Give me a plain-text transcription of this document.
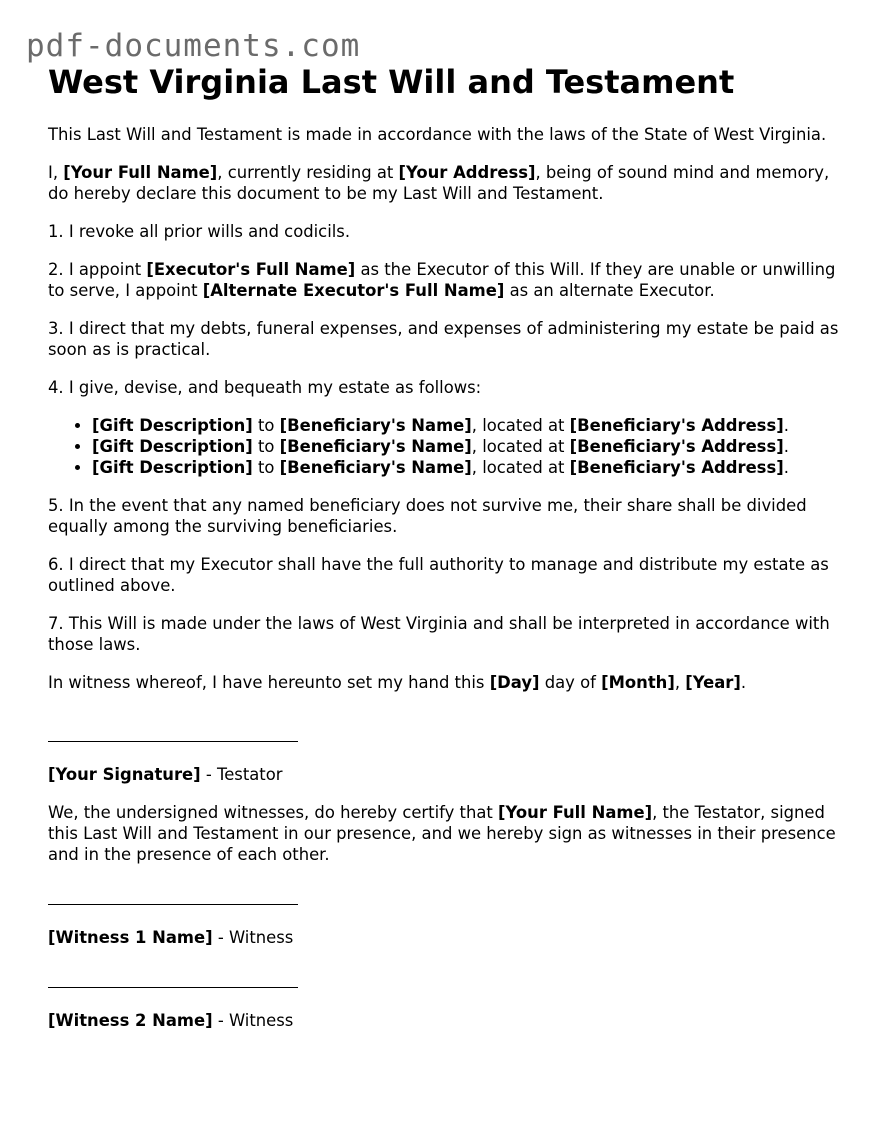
pdf-documents.com
West Virginia Last Will and Testament

This Last Will and Testament is made in accordance with the laws of the State of West Virginia.

I, [Your Full Name], currently residing at [Your Address], being of sound mind and memory, do hereby declare this document to be my Last Will and Testament.

1. I revoke all prior wills and codicils.

2. I appoint [Executor's Full Name] as the Executor of this Will. If they are unable or unwilling to serve, I appoint [Alternate Executor's Full Name] as an alternate Executor.

3. I direct that my debts, funeral expenses, and expenses of administering my estate be paid as soon as is practical.

4. I give, devise, and bequeath my estate as follows:

• [Gift Description] to [Beneficiary's Name], located at [Beneficiary's Address].
• [Gift Description] to [Beneficiary's Name], located at [Beneficiary's Address].
• [Gift Description] to [Beneficiary's Name], located at [Beneficiary's Address].

5. In the event that any named beneficiary does not survive me, their share shall be divided equally among the surviving beneficiaries.

6. I direct that my Executor shall have the full authority to manage and distribute my estate as outlined above.

7. This Will is made under the laws of West Virginia and shall be interpreted in accordance with those laws.

In witness whereof, I have hereunto set my hand this [Day] day of [Month], [Year].

[Your Signature] - Testator

We, the undersigned witnesses, do hereby certify that [Your Full Name], the Testator, signed this Last Will and Testament in our presence, and we hereby sign as witnesses in their presence and in the presence of each other.

[Witness 1 Name] - Witness

[Witness 2 Name] - Witness
